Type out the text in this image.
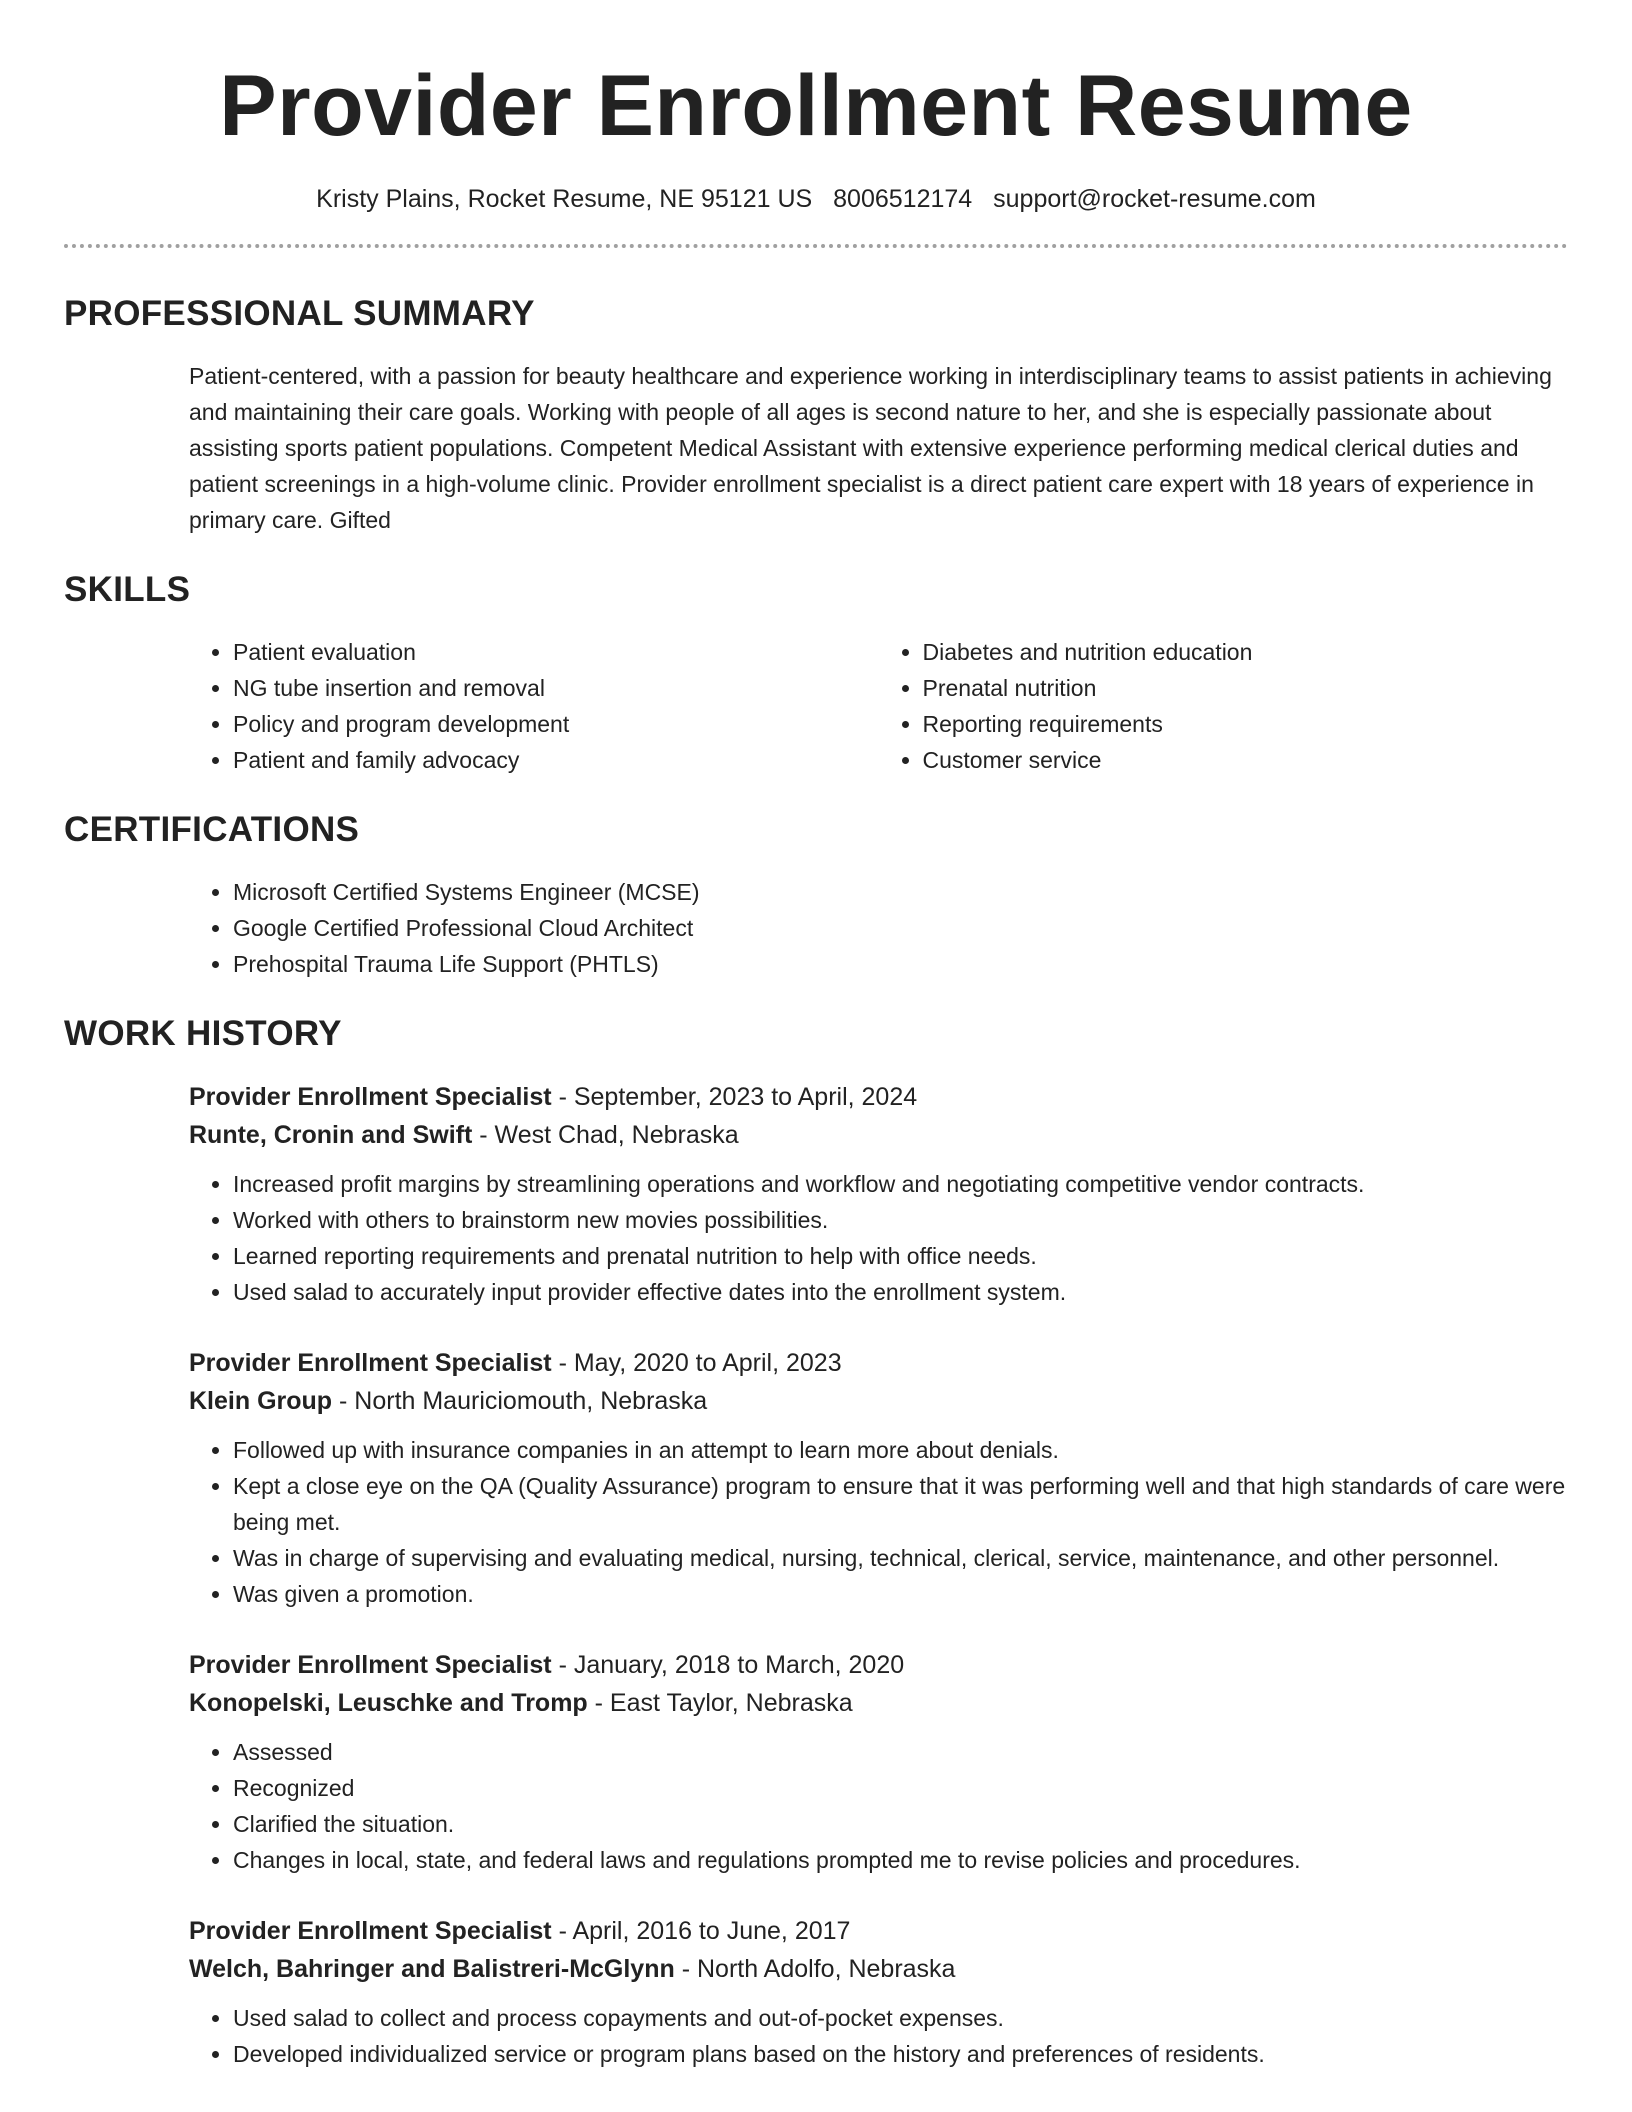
Provider Enrollment Resume
Kristy Plains, Rocket Resume, NE 95121 US 8006512174 support@rocket-resume.com
PROFESSIONAL SUMMARY

Patient-centered, with a passion for beauty healthcare and experience working in interdisciplinary teams to assist patients in achieving and maintaining their care goals. Working with people of all ages is second nature to her, and she is especially passionate about assisting sports patient populations. Competent Medical Assistant with extensive experience performing medical clerical duties and patient screenings in a high-volume clinic. Provider enrollment specialist is a direct patient care expert with 18 years of experience in primary care. Gifted

SKILLS
• Patient evaluation
• NG tube insertion and removal
• Policy and program development
• Patient and family advocacy
• Diabetes and nutrition education
• Prenatal nutrition
• Reporting requirements
• Customer service
CERTIFICATIONS
• Microsoft Certified Systems Engineer (MCSE)
• Google Certified Professional Cloud Architect
• Prehospital Trauma Life Support (PHTLS)
WORK HISTORY
Provider Enrollment Specialist - September, 2023 to April, 2024
Runte, Cronin and Swift - West Chad, Nebraska
• Increased profit margins by streamlining operations and workflow and negotiating competitive vendor contracts.
• Worked with others to brainstorm new movies possibilities.
• Learned reporting requirements and prenatal nutrition to help with office needs.
• Used salad to accurately input provider effective dates into the enrollment system.
Provider Enrollment Specialist - May, 2020 to April, 2023
Klein Group - North Mauriciomouth, Nebraska
• Followed up with insurance companies in an attempt to learn more about denials.
• Kept a close eye on the QA (Quality Assurance) program to ensure that it was performing well and that high standards of care were being met.
• Was in charge of supervising and evaluating medical, nursing, technical, clerical, service, maintenance, and other personnel.
• Was given a promotion.
Provider Enrollment Specialist - January, 2018 to March, 2020
Konopelski, Leuschke and Tromp - East Taylor, Nebraska
• Assessed
• Recognized
• Clarified the situation.
• Changes in local, state, and federal laws and regulations prompted me to revise policies and procedures.
Provider Enrollment Specialist - April, 2016 to June, 2017
Welch, Bahringer and Balistreri-McGlynn - North Adolfo, Nebraska
• Used salad to collect and process copayments and out-of-pocket expenses.
• Developed individualized service or program plans based on the history and preferences of residents.
